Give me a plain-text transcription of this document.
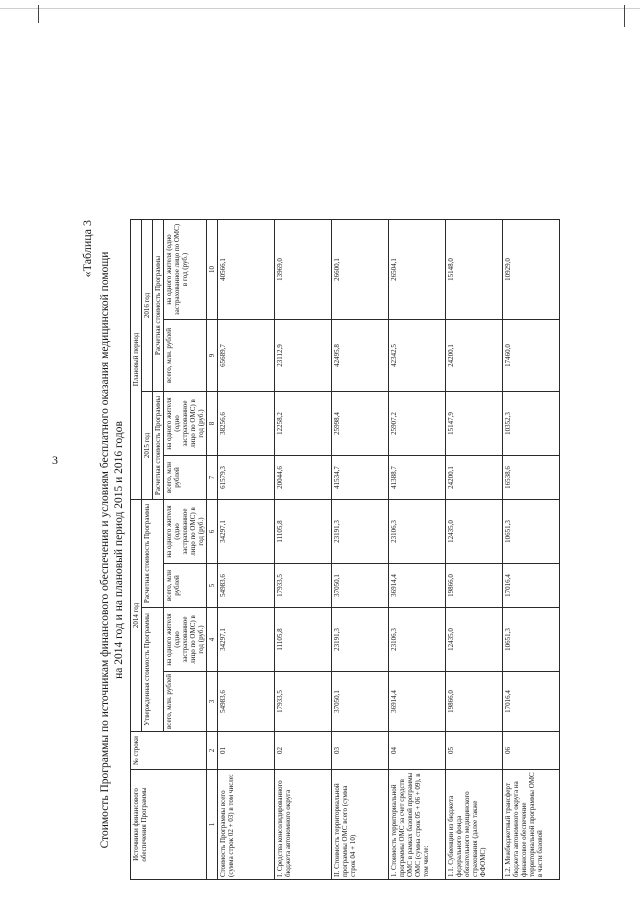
3
«Таблица 3
Стоимость Программы по источникам финансового обеспечения и условиям бесплатного оказания медицинской помощи на 2014 год и на плановый период 2015 и 2016 годов
Источники финансового обеспечения Программы	№ строки	2014 год				Плановый период			
		Утвержденная стоимость Программы		Расчетная стоимость Программы		2015 год		2016 год	
						Расчетная стоимость Программы		Расчетная стоимость Программы	
		всего, млн. рублей	на одного жителя (одно застрахованное лицо по ОМС) в год (руб.)	всего, млн рублей	на одного жителя (одно застрахованное лицо по ОМС) в год (руб.)	всего, млн рублей	на одного жителя (одно застрахованное лицо по ОМС) в год (руб.)	всего, млн. рублей	на одного жителя (одно застрахованное лицо по ОМС) в год (руб.)
1	2	3	4	5	6	7	8	9	10
Стоимость Программы всего (сумма строк 02 + 03) в том числе:	01	54983,6	34297,1	54983,6	34297,1	61579,3	38256,6	65689,7	40566,1
I. Средства консолидированного бюджета автономного округа	02	17933,5	11105,8	17933,5	11105,8	20044,6	12258,2	23112,9	13969,0
II. Стоимость территориальной программы ОМС всего (сумма строк 04 + 10)	03	37050,1	23191,3	37050,1	23191,3	41534,7	25998,4	42495,8	26600,1
1. Стоимость территориальной программы ОМС за счет средств ОМС в рамках базовой программы ОМС (сумма строк 05 + 06 + 09), в том числе:	04	36914,4	23106,3	36914,4	23106,3	41388,7	25907,2	42342,5	26504,1
1.1. Субвенции из бюджета федерального фонда обязательного медицинского страхования (далее также ФФОМС)	05	19866,0	12435,0	19866,0	12435,0	24200,1	15147,9	24200,1	15148,0
1.2. Межбюджетный трансферт бюджета автономного округа на финансовое обеспечение территориальной программы ОМС в части базовой	06	17016,4	10651,3	17016,4	10651,3	16538,6	10352,3	17460,0	10929,0
